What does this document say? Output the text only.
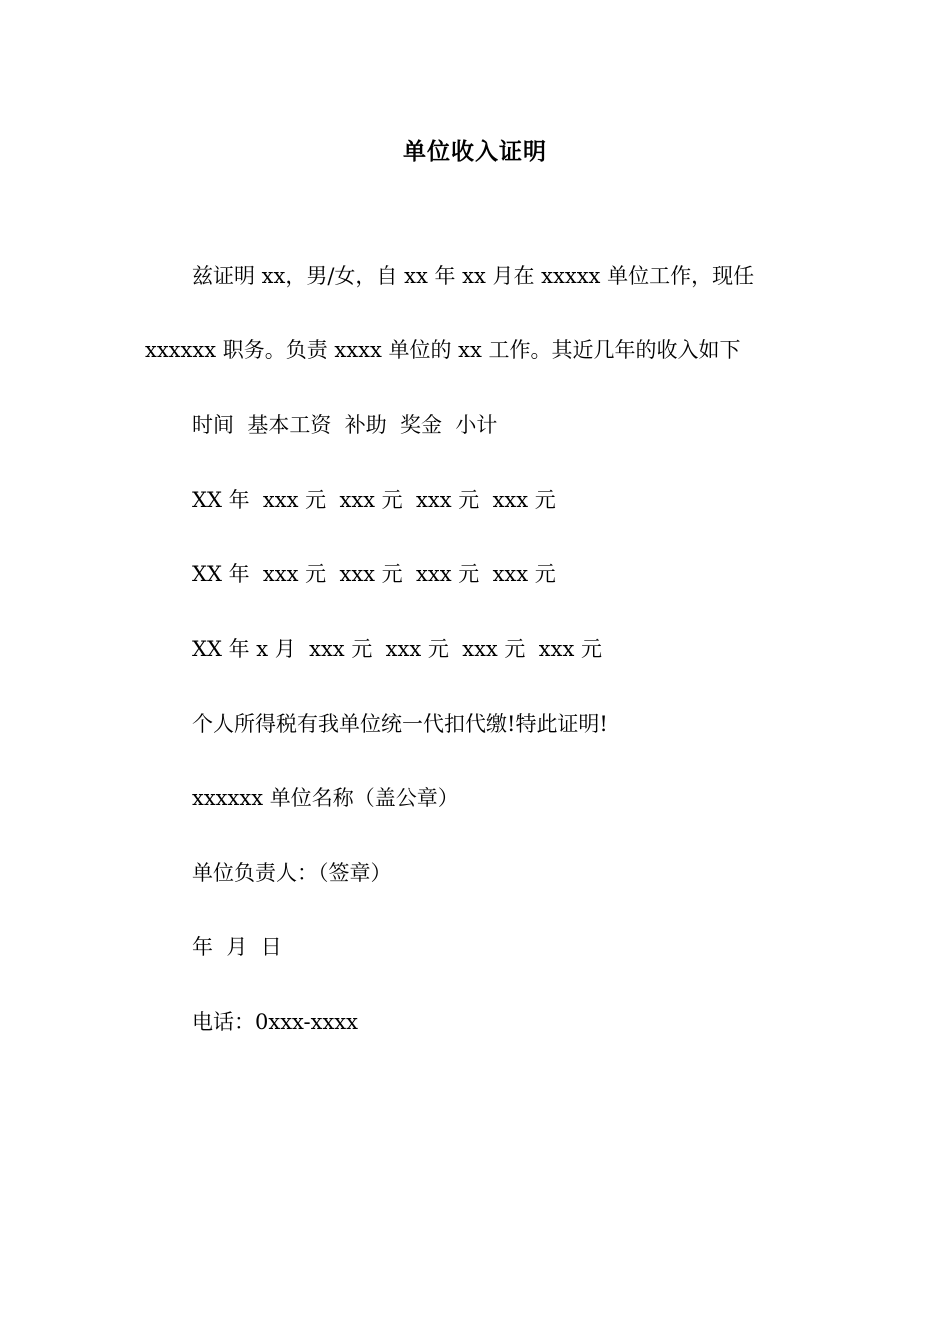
单位收入证明
兹证明 xx，男/女，自 xx 年 xx 月在 xxxxx 单位工作，现任
xxxxxx 职务。负责 xxxx 单位的 xx 工作。其近几年的收入如下
时间  基本工资  补助  奖金  小计
XX 年  xxx 元  xxx 元  xxx 元  xxx 元
XX 年  xxx 元  xxx 元  xxx 元  xxx 元
XX 年 x 月  xxx 元  xxx 元  xxx 元  xxx 元
个人所得税有我单位统一代扣代缴!特此证明!
xxxxxx 单位名称（盖公章）
单位负责人：（签章）
年  月  日
电话：0xxx-xxxx
